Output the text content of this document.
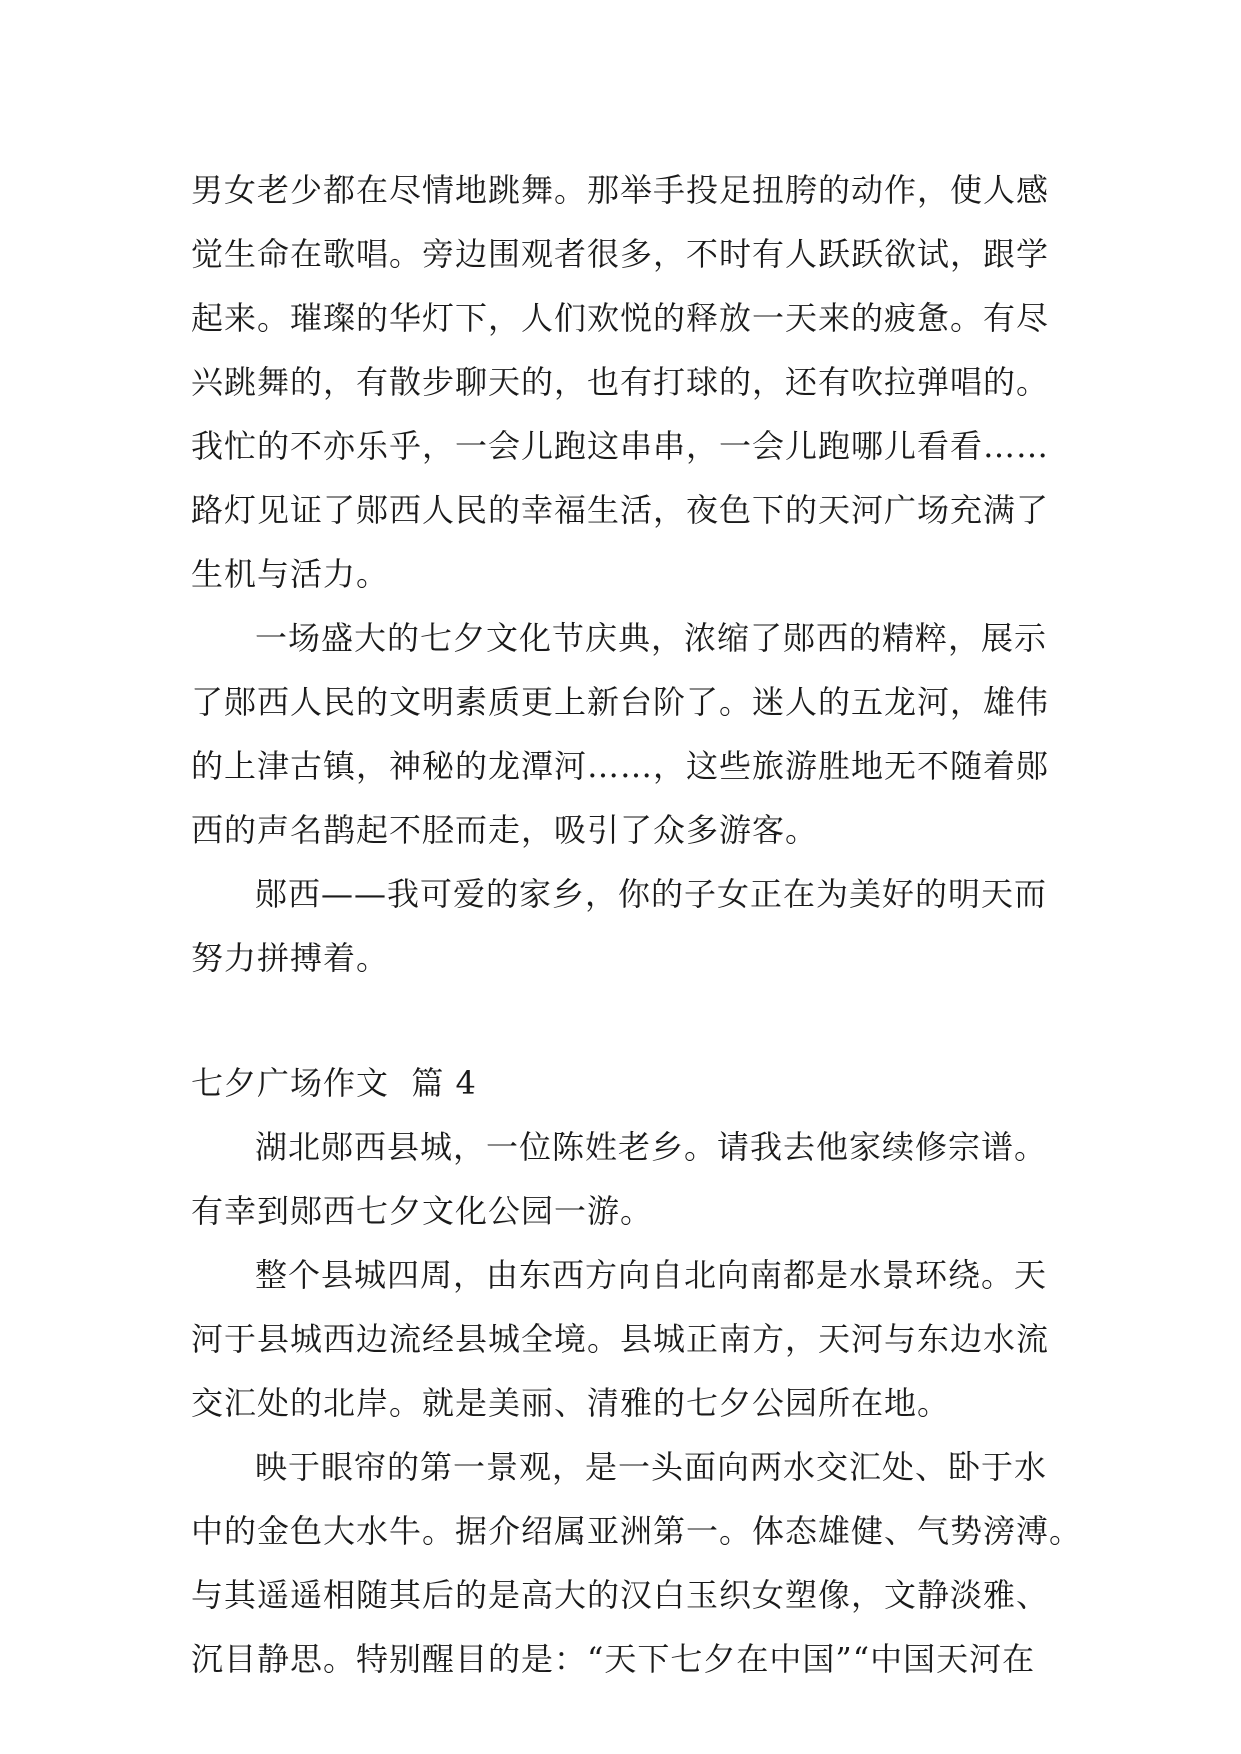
男女老少都在尽情地跳舞。那举手投足扭胯的动作，使人感
觉生命在歌唱。旁边围观者很多，不时有人跃跃欲试，跟学
起来。璀璨的华灯下，人们欢悦的释放一天来的疲惫。有尽
兴跳舞的，有散步聊天的，也有打球的，还有吹拉弹唱的。
我忙的不亦乐乎，一会儿跑这串串，一会儿跑哪儿看看……
路灯见证了郧西人民的幸福生活，夜色下的天河广场充满了
生机与活力。
一场盛大的七夕文化节庆典，浓缩了郧西的精粹，展示
了郧西人民的文明素质更上新台阶了。迷人的五龙河，雄伟
的上津古镇，神秘的龙潭河……，这些旅游胜地无不随着郧
西的声名鹊起不胫而走，吸引了众多游客。
郧西——我可爱的家乡，你的子女正在为美好的明天而
努力拼搏着。
七夕广场作文  篇 4
湖北郧西县城，一位陈姓老乡。请我去他家续修宗谱。
有幸到郧西七夕文化公园一游。
整个县城四周，由东西方向自北向南都是水景环绕。天
河于县城西边流经县城全境。县城正南方，天河与东边水流
交汇处的北岸。就是美丽、清雅的七夕公园所在地。
映于眼帘的第一景观，是一头面向两水交汇处、卧于水
中的金色大水牛。据介绍属亚洲第一。体态雄健、气势滂溥。
与其遥遥相随其后的是高大的汉白玉织女塑像，文静淡雅、
沉目静思。特别醒目的是：“天下七夕在中国”“中国天河在
